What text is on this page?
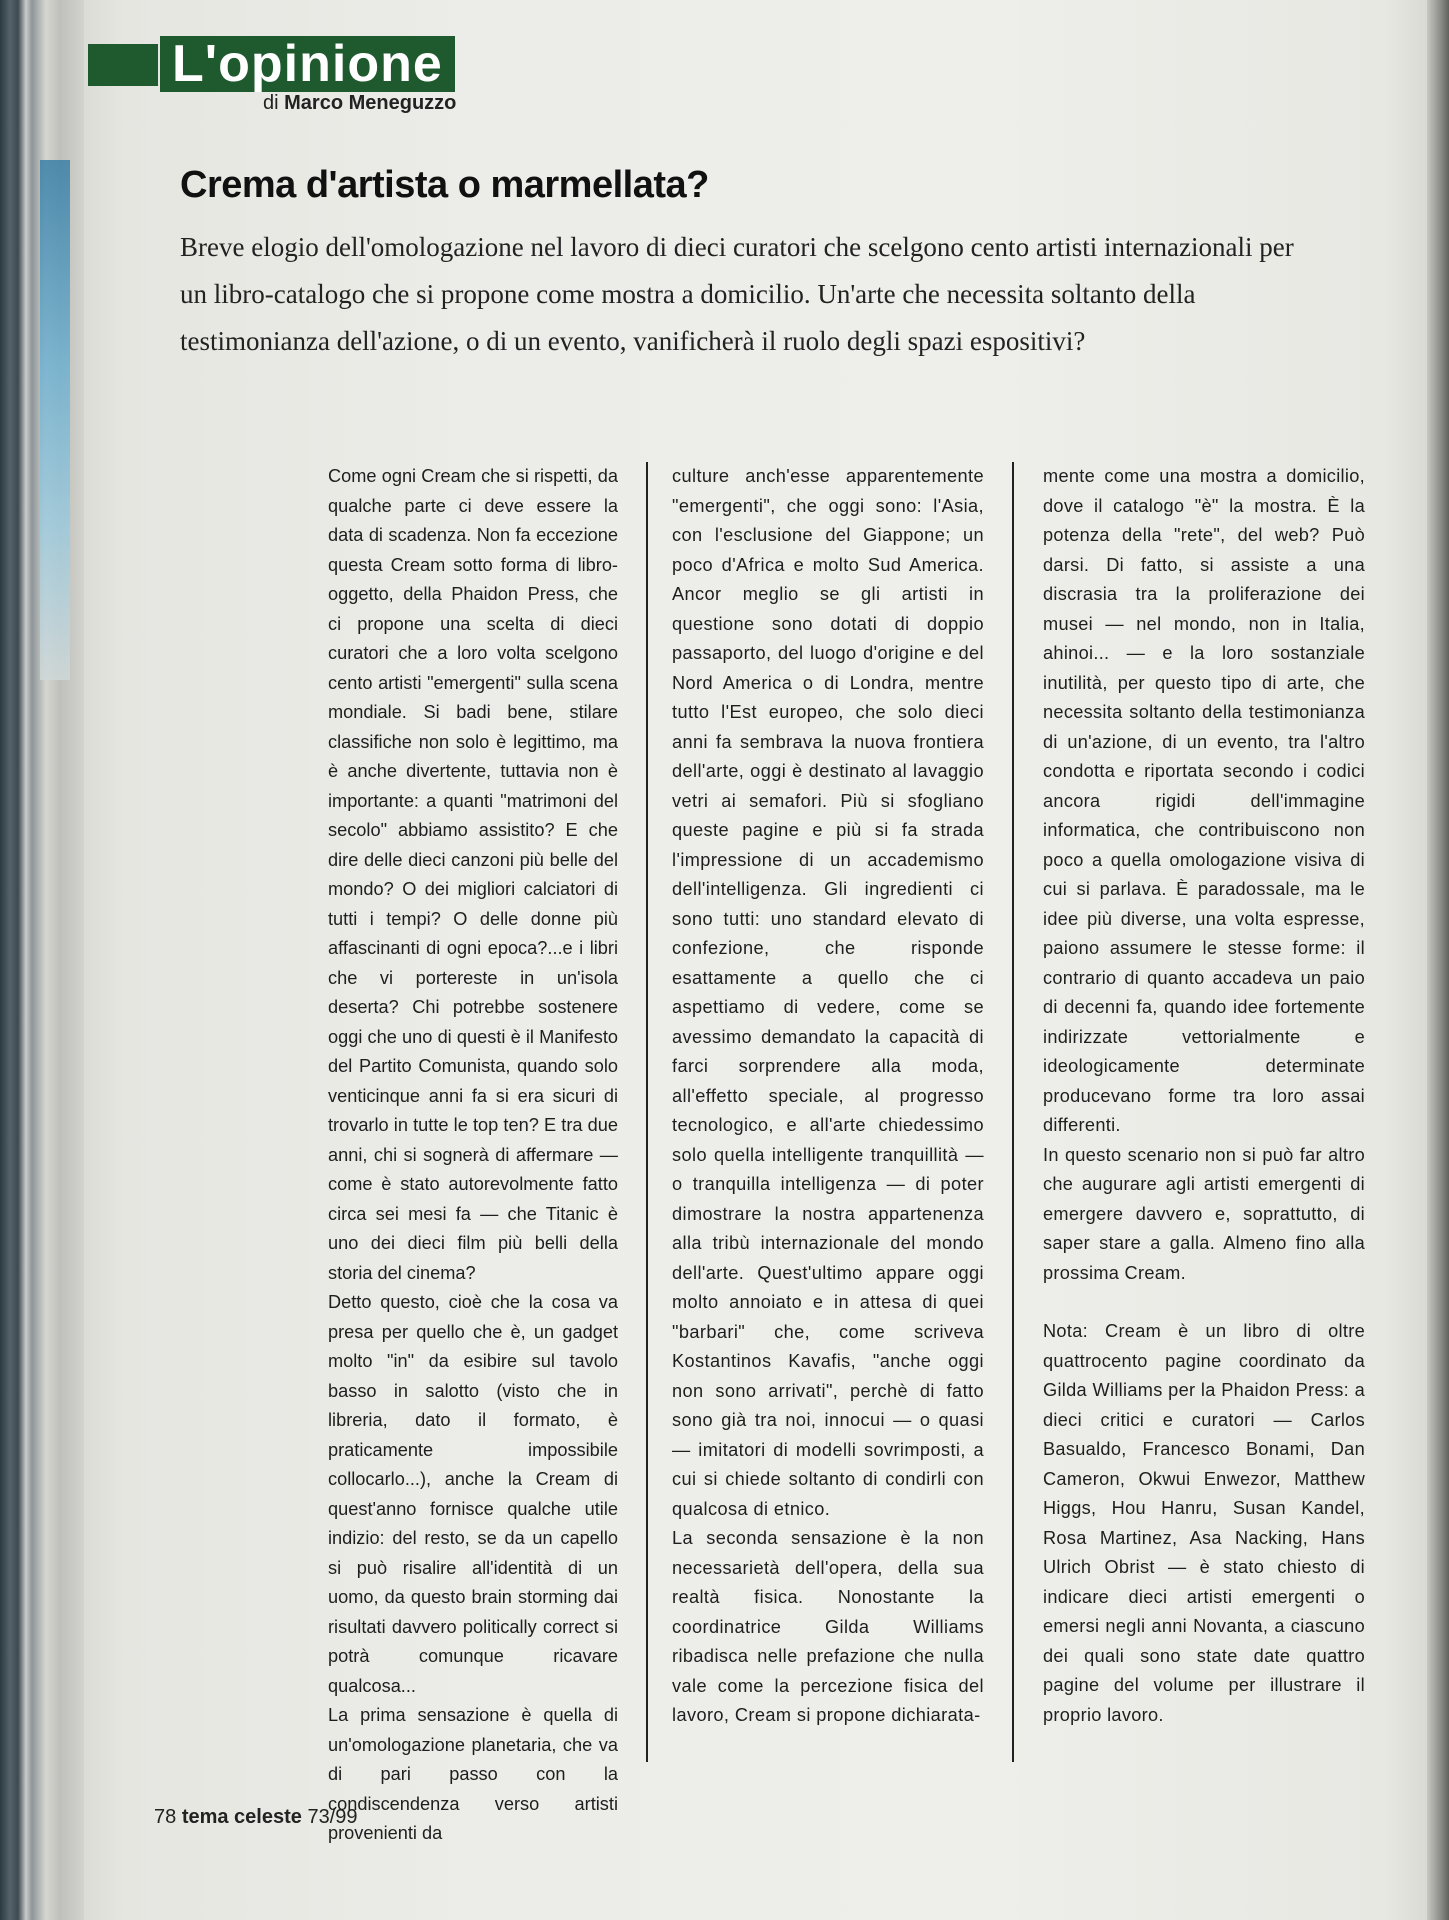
L'opinione
di Marco Meneguzzo
Crema d'artista o marmellata?
Breve elogio dell'omologazione nel lavoro di dieci curatori che scelgono cento artisti internazionali per un libro-catalogo che si propone come mostra a domicilio. Un'arte che necessita soltanto della testimonianza dell'azione, o di un evento, vanificherà il ruolo degli spazi espositivi?

Come ogni Cream che si rispetti, da qualche parte ci deve essere la data di scadenza. Non fa eccezione questa Cream sotto forma di libro-oggetto, della Phaidon Press, che ci propone una scelta di dieci curatori che a loro volta scelgono cento artisti "emergenti" sulla scena mondiale. Si badi bene, stilare classifiche non solo è legittimo, ma è anche divertente, tuttavia non è importante: a quanti "matrimoni del secolo" abbiamo assistito? E che dire delle dieci canzoni più belle del mondo? O dei migliori calciatori di tutti i tempi? O delle donne più affascinanti di ogni epoca?...e i libri che vi portereste in un'isola deserta? Chi potrebbe sostenere oggi che uno di questi è il Manifesto del Partito Comunista, quando solo venticinque anni fa si era sicuri di trovarlo in tutte le top ten? E tra due anni, chi si sognerà di affermare — come è stato autorevolmente fatto circa sei mesi fa — che Titanic è uno dei dieci film più belli della storia del cinema?

Detto questo, cioè che la cosa va presa per quello che è, un gadget molto "in" da esibire sul tavolo basso in salotto (visto che in libreria, dato il formato, è praticamente impossibile collocarlo...), anche la Cream di quest'anno fornisce qualche utile indizio: del resto, se da un capello si può risalire all'identità di un uomo, da questo brain storming dai risultati davvero politically correct si potrà comunque ricavare qualcosa...

La prima sensazione è quella di un'omologazione planetaria, che va di pari passo con la condiscendenza verso artisti provenienti da

culture anch'esse apparentemente "emergenti", che oggi sono: l'Asia, con l'esclusione del Giappone; un poco d'Africa e molto Sud America. Ancor meglio se gli artisti in questione sono dotati di doppio passaporto, del luogo d'origine e del Nord America o di Londra, mentre tutto l'Est europeo, che solo dieci anni fa sembrava la nuova frontiera dell'arte, oggi è destinato al lavaggio vetri ai semafori. Più si sfogliano queste pagine e più si fa strada l'impressione di un accademismo dell'intelligenza. Gli ingredienti ci sono tutti: uno standard elevato di confezione, che risponde esattamente a quello che ci aspettiamo di vedere, come se avessimo demandato la capacità di farci sorprendere alla moda, all'effetto speciale, al progresso tecnologico, e all'arte chiedessimo solo quella intelligente tranquillità — o tranquilla intelligenza — di poter dimostrare la nostra appartenenza alla tribù internazionale del mondo dell'arte. Quest'ultimo appare oggi molto annoiato e in attesa di quei "barbari" che, come scriveva Kostantinos Kavafis, "anche oggi non sono arrivati", perchè di fatto sono già tra noi, innocui — o quasi — imitatori di modelli sovrimposti, a cui si chiede soltanto di condirli con qualcosa di etnico.

La seconda sensazione è la non necessarietà dell'opera, della sua realtà fisica. Nonostante la coordinatrice Gilda Williams ribadisca nelle prefazione che nulla vale come la percezione fisica del lavoro, Cream si propone dichiarata-

mente come una mostra a domicilio, dove il catalogo "è" la mostra. È la potenza della "rete", del web? Può darsi. Di fatto, si assiste a una discrasia tra la proliferazione dei musei — nel mondo, non in Italia, ahinoi... — e la loro sostanziale inutilità, per questo tipo di arte, che necessita soltanto della testimonianza di un'azione, di un evento, tra l'altro condotta e riportata secondo i codici ancora rigidi dell'immagine informatica, che contribuiscono non poco a quella omologazione visiva di cui si parlava. È paradossale, ma le idee più diverse, una volta espresse, paiono assumere le stesse forme: il contrario di quanto accadeva un paio di decenni fa, quando idee fortemente indirizzate vettorialmente e ideologicamente determinate producevano forme tra loro assai differenti.

In questo scenario non si può far altro che augurare agli artisti emergenti di emergere davvero e, soprattutto, di saper stare a galla. Almeno fino alla prossima Cream.

Nota: Cream è un libro di oltre quattrocento pagine coordinato da Gilda Williams per la Phaidon Press: a dieci critici e curatori — Carlos Basualdo, Francesco Bonami, Dan Cameron, Okwui Enwezor, Matthew Higgs, Hou Hanru, Susan Kandel, Rosa Martinez, Asa Nacking, Hans Ulrich Obrist — è stato chiesto di indicare dieci artisti emergenti o emersi negli anni Novanta, a ciascuno dei quali sono state date quattro pagine del volume per illustrare il proprio lavoro.

78 tema celeste 73/99
